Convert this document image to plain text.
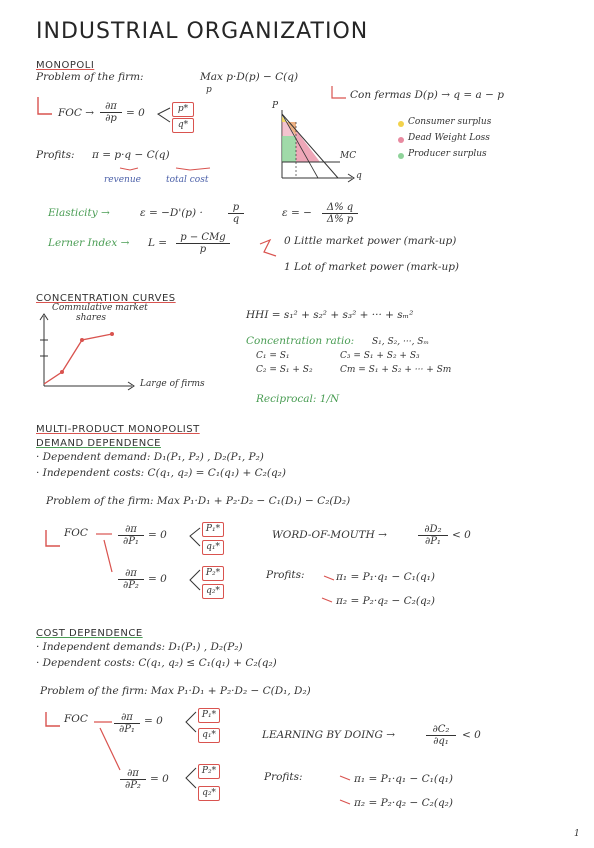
INDUSTRIAL ORGANIZATION
MONOPOLI
Problem of the firm:	Max p·D(p) − C(q)
p	Con fermas D(p) → q = a − p
FOC → $\frac{\partial\pi}{\partial p} = 0$	p*
q*
Profits: π = p·q − C(q)
revenue	total cost
P
MC
q
Consumer surplus
Dead Weight Loss
Producer surplus
Elasticity →	ε = −D'(p) ·	$\frac{p}{q}$	ε = − $\frac{\Delta\% q}{\Delta\% p}$
Lerner Index → L =	p − CMg
p
0 Little market power (mark-up)
1 Lot of market power (mark-up)
CONCENTRATION CURVES
Commulative market
shares
Large of firms
HHI = s₁² + s₂² + s₃² + ··· + sₘ²
Concentration ratio: S₁, S₂, ···, Sₘ
C₁ = S₁	C₃ = S₁ + S₂ + S₃
C₂ = S₁ + S₂	Cm = S₁ + S₂ + ··· + Sm
Reciprocal: 1/N
MULTI-PRODUCT MONOPOLIST
DEMAND DEPENDENCE
· Dependent demand: D₁(P₁, P₂) , D₂(P₁, P₂)
· Independent costs: C(q₁, q₂) = C₁(q₁) + C₂(q₂)
Problem of the firm: Max P₁·D₁ + P₂·D₂ − C₁(D₁) − C₂(D₂)
FOC	$\frac{\partial\pi}{\text{∂P₁}} = 0$	P₁*
q₁*
$\frac{\partial\pi}{\text{∂P₂}} = 0$	P₂*
q₂*
WORD-OF-MOUTH →	$\frac{\text{∂D₂}}{\text{∂P₁}} < 0$
Profits:	π₁ = P₁·q₁ − C₁(q₁)
π₂ = P₂·q₂ − C₂(q₂)
COST DEPENDENCE
· Independent demands: D₁(P₁) , D₂(P₂)
· Dependent costs: C(q₁, q₂) ≤ C₁(q₁) + C₂(q₂)
Problem of the firm: Max P₁·D₁ + P₂·D₂ − C(D₁, D₂)
FOC	$\frac{\partial\pi}{\text{∂P₁}} = 0$	P₁*
q₁*
$\frac{\partial\pi}{\text{∂P₂}} = 0$
P₂*
q₂*
LEARNING BY DOING →	$\frac{\text{∂C₂}}{\text{∂q₁}} < 0$
Profits:	π₁ = P₁·q₁ − C₁(q₁)
π₂ = P₂·q₂ − C₂(q₂)
1
